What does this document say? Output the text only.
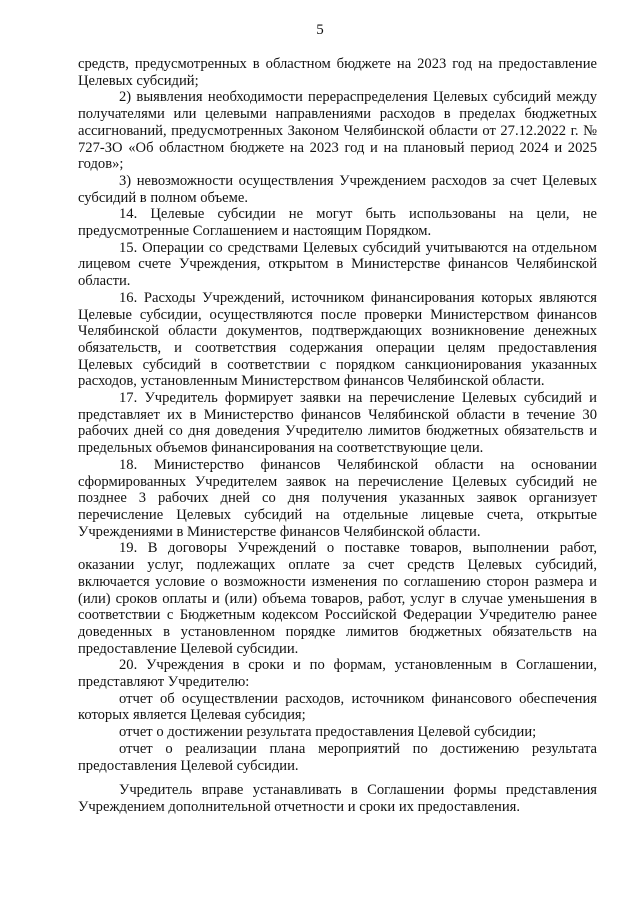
5

средств, предусмотренных в областном бюджете на 2023 год на предоставление Целевых субсидий;

2) выявления необходимости перераспределения Целевых субсидий между получателями или целевыми направлениями расходов в пределах бюджетных ассигнований, предусмотренных Законом Челябинской области от 27.12.2022 г. № 727-ЗО «Об областном бюджете на 2023 год и на плановый период 2024 и 2025 годов»;

3) невозможности осуществления Учреждением расходов за счет Целевых субсидий в полном объеме.

14. Целевые субсидии не могут быть использованы на цели, не предусмотренные Соглашением и настоящим Порядком.

15. Операции со средствами Целевых субсидий учитываются на отдельном лицевом счете Учреждения, открытом в Министерстве финансов Челябинской области.

16. Расходы Учреждений, источником финансирования которых являются Целевые субсидии, осуществляются после проверки Министерством финансов Челябинской области документов, подтверждающих возникновение денежных обязательств, и соответствия содержания операции целям предоставления Целевых субсидий в соответствии с порядком санкционирования указанных расходов, установленным Министерством финансов Челябинской области.

17. Учредитель формирует заявки на перечисление Целевых субсидий и представляет их в Министерство финансов Челябинской области в течение 30 рабочих дней со дня доведения Учредителю лимитов бюджетных обязательств и предельных объемов финансирования на соответствующие цели.

18. Министерство финансов Челябинской области на основании сформированных Учредителем заявок на перечисление Целевых субсидий не позднее 3 рабочих дней со дня получения указанных заявок организует перечисление Целевых субсидий на отдельные лицевые счета, открытые Учреждениями в Министерстве финансов Челябинской области.

19. В договоры Учреждений о поставке товаров, выполнении работ, оказании услуг, подлежащих оплате за счет средств Целевых субсидий, включается условие о возможности изменения по соглашению сторон размера и (или) сроков оплаты и (или) объема товаров, работ, услуг в случае уменьшения в соответствии с Бюджетным кодексом Российской Федерации Учредителю ранее доведенных в установленном порядке лимитов бюджетных обязательств на предоставление Целевой субсидии.

20. Учреждения в сроки и по формам, установленным в Соглашении, представляют Учредителю:

отчет об осуществлении расходов, источником финансового обеспечения которых является Целевая субсидия;

отчет о достижении результата предоставления Целевой субсидии;

отчет о реализации плана мероприятий по достижению результата предоставления Целевой субсидии.

Учредитель вправе устанавливать в Соглашении формы представления Учреждением дополнительной отчетности и сроки их предоставления.
